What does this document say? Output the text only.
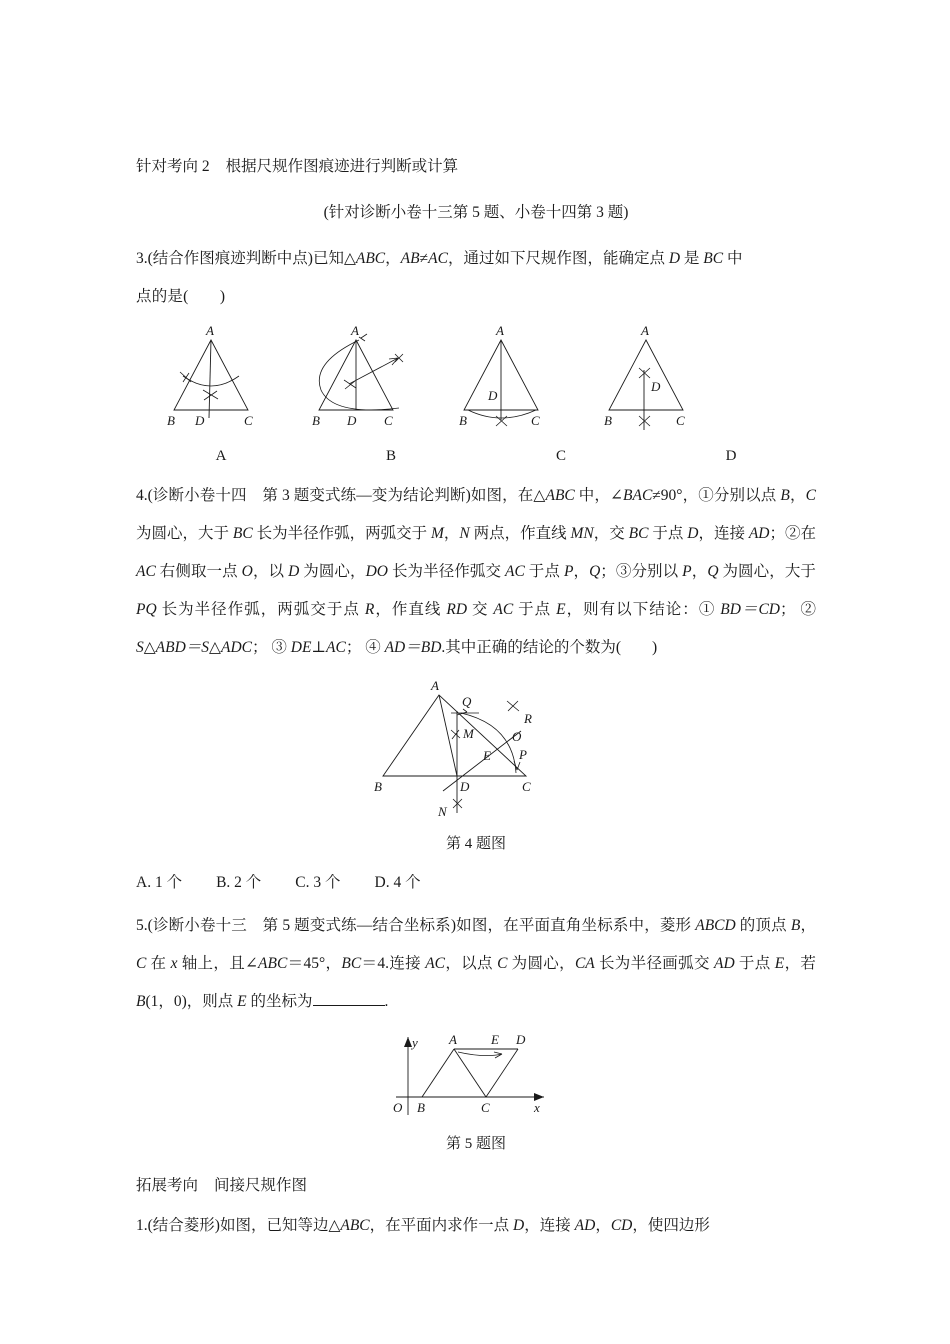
针对考向 2 根据尺规作图痕迹进行判断或计算
(针对诊断小卷十三第 5 题、小卷十四第 3 题)
3.(结合作图痕迹判断中点)已知△ABC，AB≠AC，通过如下尺规作图，能确定点 D 是 BC 中
点的是(　　)
A
B D	C
A
B D C
A
B
D
C
A
B
D
C
A	B	C	D
4.(诊断小卷十四　第 3 题变式练—变为结论判断)如图，在△ABC 中，∠BAC≠90°，①分别以点 B，C 为圆心，大于 BC 长为半径作弧，两弧交于 M，N 两点，作直线 MN，交 BC 于点 D，连接 AD；②在 AC 右侧取一点 O，以 D 为圆心，DO 长为半径作弧交 AC 于点 P，Q；③分别以 P，Q 为圆心，大于 PQ 长为半径作弧，两弧交于点 R，作直线 RD 交 AC 于点 E，则有以下结论：① BD＝CD； ② S△ABD＝S△ADC； ③ DE⊥AC； ④ AD＝BD.其中正确的结论的个数为(　　)
A
Q
R
M	O
E P
B	D	C
N
第 4 题图
A. 1 个 B. 2 个 C. 3 个 D. 4 个
5.(诊断小卷十三　第 5 题变式练—结合坐标系)如图，在平面直角坐标系中，菱形 ABCD 的顶点 B，C 在 x 轴上，且∠ABC＝45°，BC＝4.连接 AC，以点 C 为圆心，CA 长为半径画弧交 AD 于点 E，若 B(1，0)，则点 E 的坐标为	.
y A	E D
O B	C	x
第 5 题图
拓展考向 间接尺规作图
1.(结合菱形)如图，已知等边△ABC，在平面内求作一点 D，连接 AD，CD，使四边形
